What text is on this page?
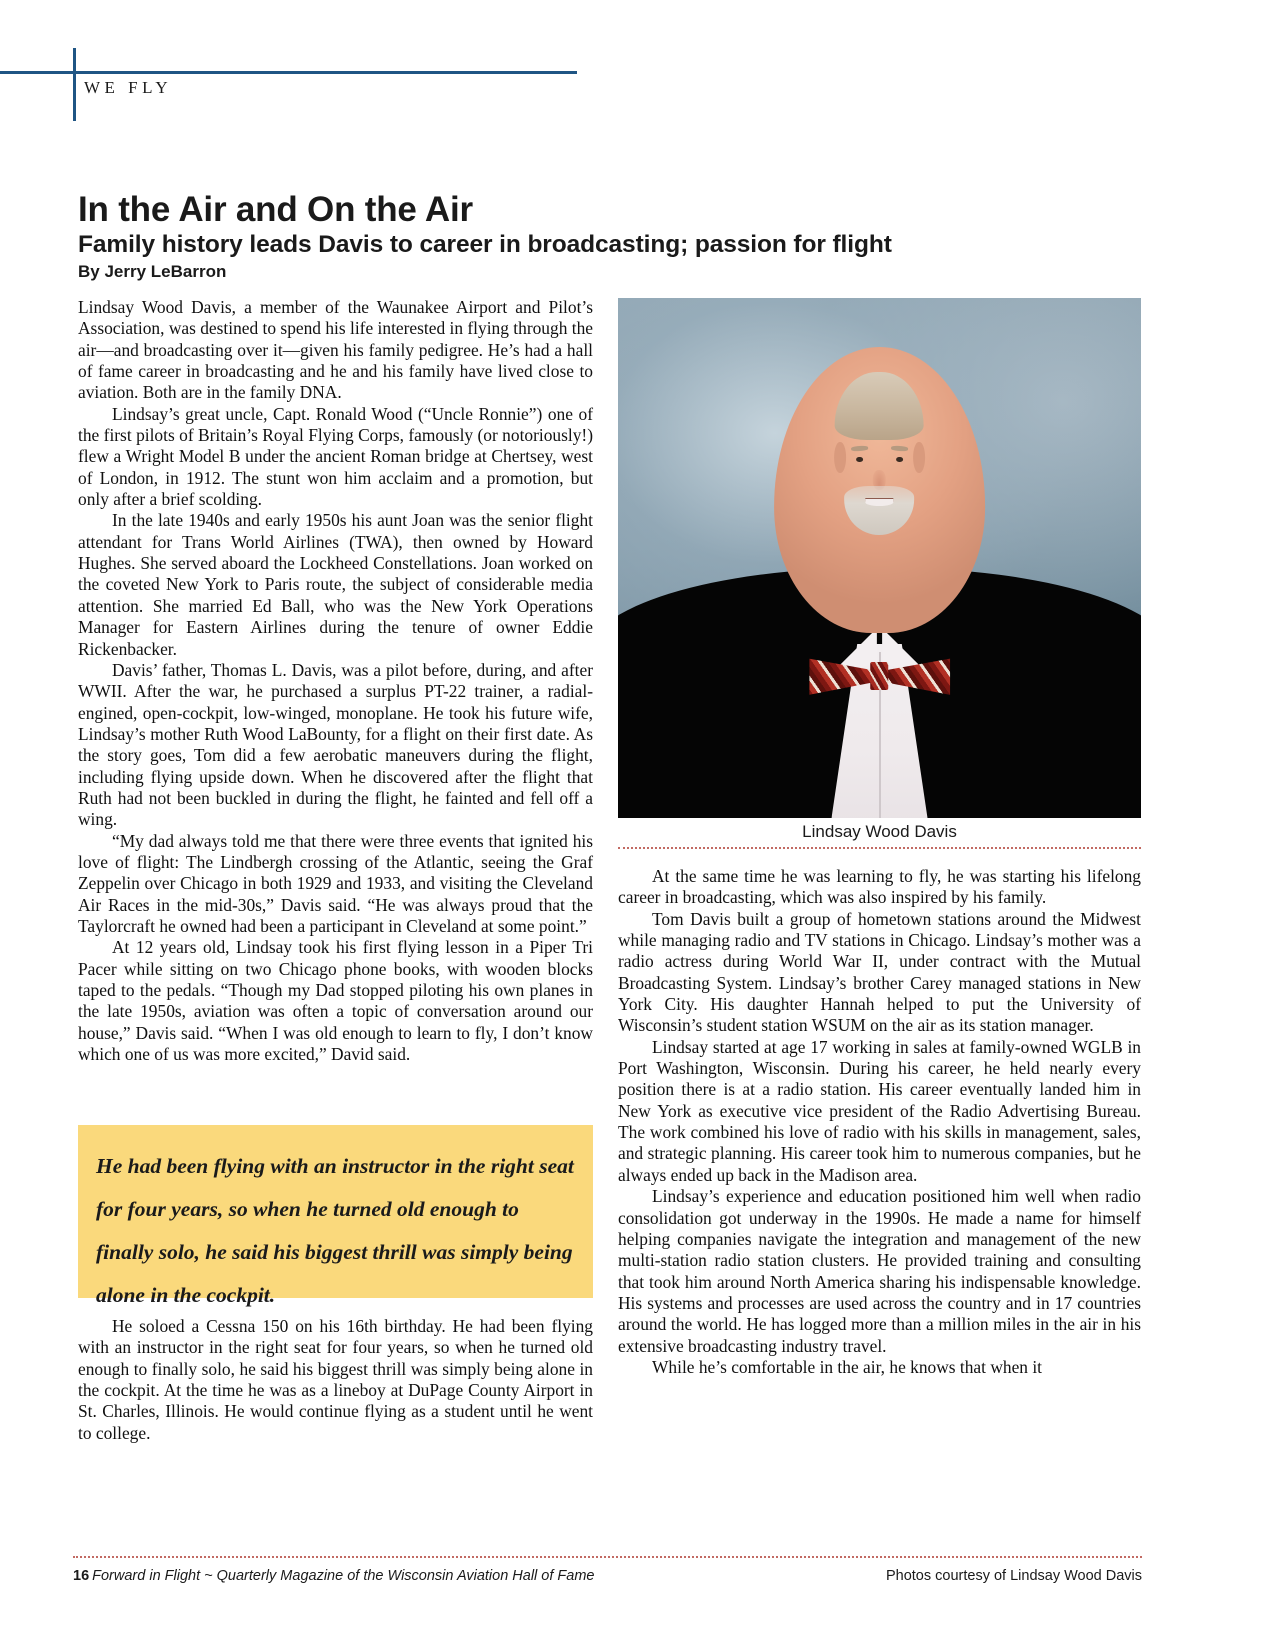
WE FLY
In the Air and On the Air
Family history leads Davis to career in broadcasting; passion for flight
By Jerry LeBarron

Lindsay Wood Davis, a member of the Waunakee Airport and Pilot’s Association, was destined to spend his life interested in flying through the air—and broadcasting over it—given his family pedigree. He’s had a hall of fame career in broadcasting and he and his family have lived close to aviation. Both are in the family DNA.

Lindsay’s great uncle, Capt. Ronald Wood (“Uncle Ronnie”) one of the first pilots of Britain’s Royal Flying Corps, famously (or notoriously!) flew a Wright Model B under the ancient Roman bridge at Chertsey, west of London, in 1912. The stunt won him acclaim and a promotion, but only after a brief scolding.

In the late 1940s and early 1950s his aunt Joan was the senior flight attendant for Trans World Airlines (TWA), then owned by Howard Hughes. She served aboard the Lockheed Constellations. Joan worked on the coveted New York to Paris route, the subject of considerable media attention. She married Ed Ball, who was the New York Operations Manager for Eastern Airlines during the tenure of owner Eddie Rickenbacker.

Davis’ father, Thomas L. Davis, was a pilot before, during, and after WWII. After the war, he purchased a surplus PT-22 trainer, a radial-engined, open-cockpit, low-winged, monoplane. He took his future wife, Lindsay’s mother Ruth Wood LaBounty, for a flight on their first date. As the story goes, Tom did a few aerobatic maneuvers during the flight, including flying upside down. When he discovered after the flight that Ruth had not been buckled in during the flight, he fainted and fell off a wing.

“My dad always told me that there were three events that ignited his love of flight: The Lindbergh crossing of the Atlantic, seeing the Graf Zeppelin over Chicago in both 1929 and 1933, and visiting the Cleveland Air Races in the mid-30s,” Davis said. “He was always proud that the Taylorcraft he owned had been a participant in Cleveland at some point.”

At 12 years old, Lindsay took his first flying lesson in a Piper Tri Pacer while sitting on two Chicago phone books, with wooden blocks taped to the pedals. “Though my Dad stopped piloting his own planes in the late 1950s, aviation was often a topic of conversation around our house,” Davis said. “When I was old enough to learn to fly, I don’t know which one of us was more excited,” David said.

He had been flying with an instructor in the right seat for four years, so when he turned old enough to finally solo, he said his biggest thrill was simply being alone in the cockpit.

He soloed a Cessna 150 on his 16th birthday. He had been flying with an instructor in the right seat for four years, so when he turned old enough to finally solo, he said his biggest thrill was simply being alone in the cockpit. At the time he was as a lineboy at DuPage County Airport in St. Charles, Illinois. He would continue flying as a student until he went to college.

Lindsay Wood Davis

At the same time he was learning to fly, he was starting his lifelong career in broadcasting, which was also inspired by his family.

Tom Davis built a group of hometown stations around the Midwest while managing radio and TV stations in Chicago. Lindsay’s mother was a radio actress during World War II, under contract with the Mutual Broadcasting System. Lindsay’s brother Carey managed stations in New York City. His daughter Hannah helped to put the University of Wisconsin’s student station WSUM on the air as its station manager.

Lindsay started at age 17 working in sales at family-owned WGLB in Port Washington, Wisconsin. During his career, he held nearly every position there is at a radio station. His career eventually landed him in New York as executive vice president of the Radio Advertising Bureau. The work combined his love of radio with his skills in management, sales, and strategic planning. His career took him to numerous companies, but he always ended up back in the Madison area.

Lindsay’s experience and education positioned him well when radio consolidation got underway in the 1990s. He made a name for himself helping companies navigate the integration and management of the new multi-station radio station clusters. He provided training and consulting that took him around North America sharing his indispensable knowledge. His systems and processes are used across the country and in 17 countries around the world. He has logged more than a million miles in the air in his extensive broadcasting industry travel.

While he’s comfortable in the air, he knows that when it

16 Forward in Flight ~ Quarterly Magazine of the Wisconsin Aviation Hall of Fame	Photos courtesy of Lindsay Wood Davis
